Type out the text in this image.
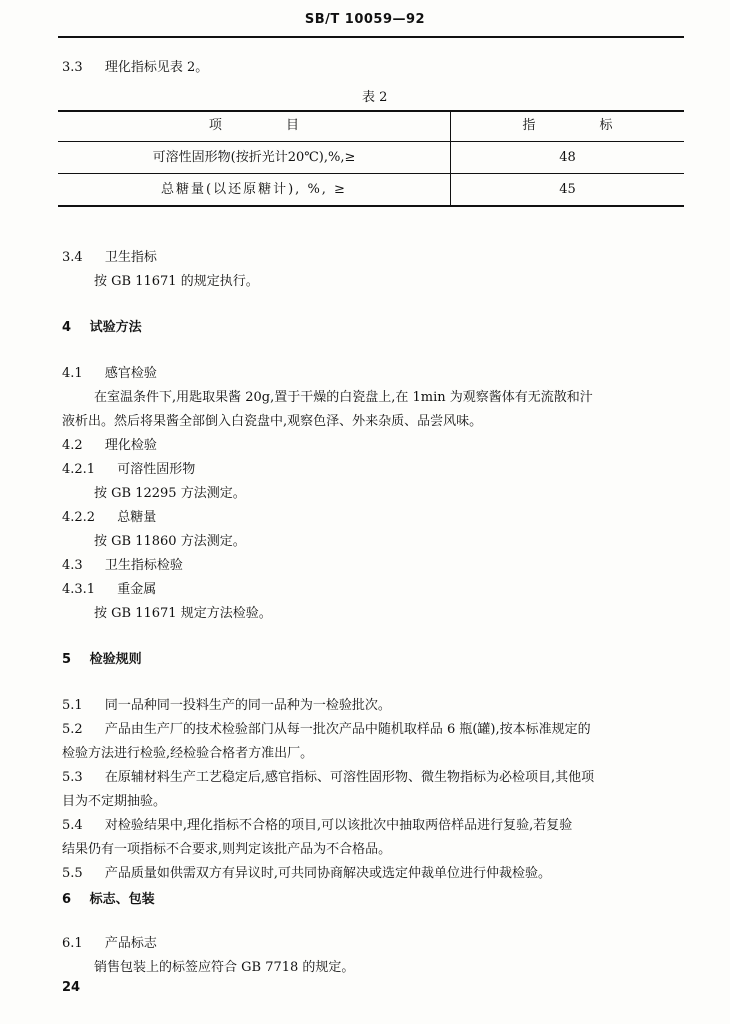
SB/T 10059—92
3.3 理化指标见表 2。
表 2
项 目	指 标
可溶性固形物(按折光计20℃),%,≥	48
总糖量(以还原糖计), %, ≥	45
3.4 卫生指标
按 GB 11671 的规定执行。
4 试验方法
4.1 感官检验
在室温条件下,用匙取果酱 20g,置于干燥的白瓷盘上,在 1min 为观察酱体有无流散和汁
液析出。然后将果酱全部倒入白瓷盘中,观察色泽、外来杂质、品尝风味。
4.2 理化检验
4.2.1 可溶性固形物
按 GB 12295 方法测定。
4.2.2 总糖量
按 GB 11860 方法测定。
4.3 卫生指标检验
4.3.1 重金属
按 GB 11671 规定方法检验。
5 检验规则
5.1 同一品种同一投料生产的同一品种为一检验批次。
5.2 产品由生产厂的技术检验部门从每一批次产品中随机取样品 6 瓶(罐),按本标准规定的
检验方法进行检验,经检验合格者方准出厂。
5.3 在原辅材料生产工艺稳定后,感官指标、可溶性固形物、微生物指标为必检项目,其他项
目为不定期抽验。
5.4 对检验结果中,理化指标不合格的项目,可以该批次中抽取两倍样品进行复验,若复验
结果仍有一项指标不合要求,则判定该批产品为不合格品。
5.5 产品质量如供需双方有异议时,可共同协商解决或选定仲裁单位进行仲裁检验。
6 标志、包装
6.1 产品标志
销售包装上的标签应符合 GB 7718 的规定。
24
